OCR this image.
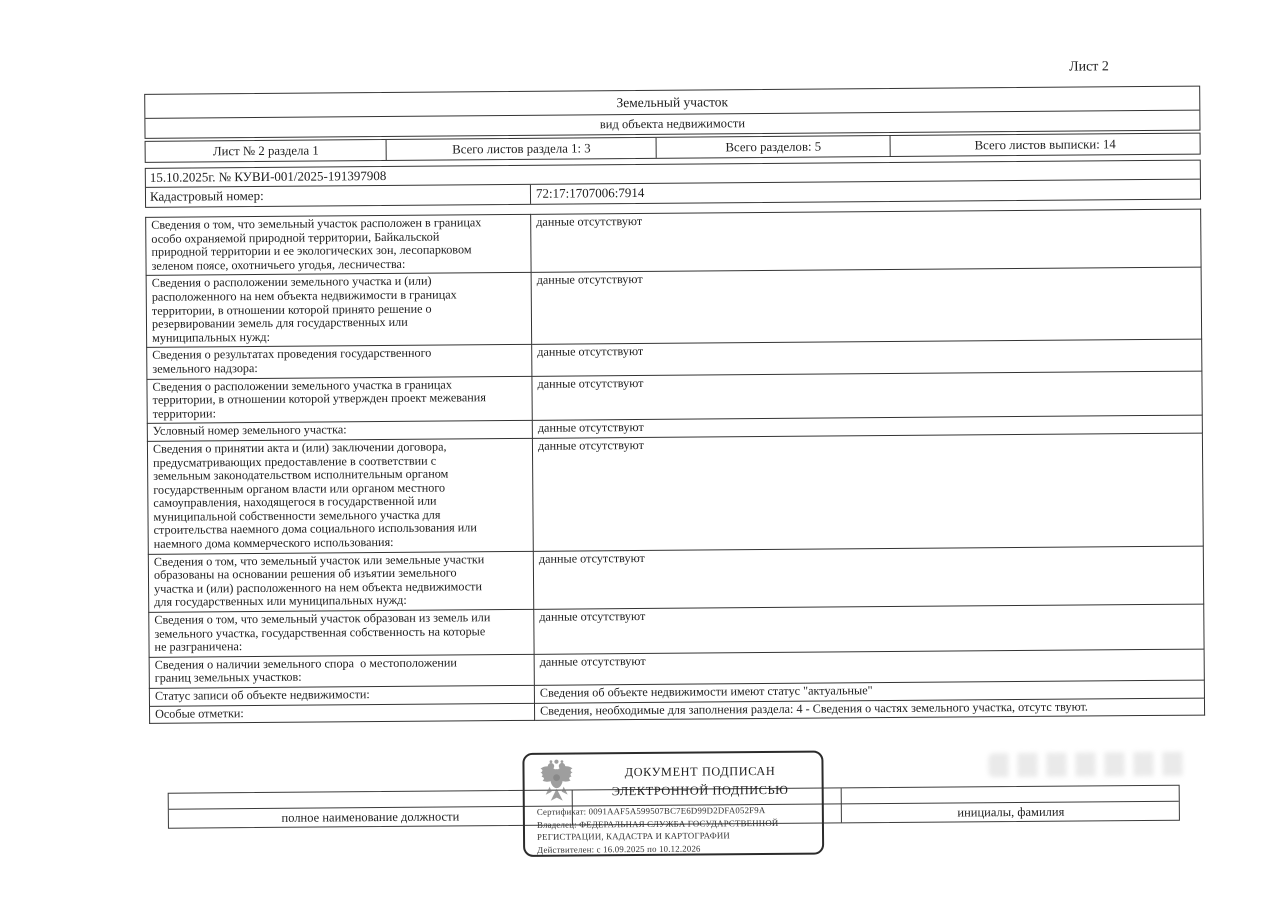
Лист 2
Земельный участок
вид объекта недвижимости
Лист № 2 раздела 1	Всего листов раздела 1: 3	Всего разделов: 5	Всего листов выписки: 14
15.10.2025г. № КУВИ-001/2025-191397908
Кадастровый номер:	72:17:1707006:7914
Сведения о том, что земельный участок расположен в границах
особо охраняемой природной территории, Байкальской
природной территории и ее экологических зон, лесопарковом
зеленом поясе, охотничьего угодья, лесничества:	данные отсутствуют
Сведения о расположении земельного участка и (или)
расположенного на нем объекта недвижимости в границах
территории, в отношении которой принято решение о
резервировании земель для государственных или
муниципальных нужд:	данные отсутствуют
Сведения о результатах проведения государственного
земельного надзора:	данные отсутствуют
Сведения о расположении земельного участка в границах
территории, в отношении которой утвержден проект межевания
территории:	данные отсутствуют
Условный номер земельного участка:	данные отсутствуют
Сведения о принятии акта и (или) заключении договора,
предусматривающих предоставление в соответствии с
земельным законодательством исполнительным органом
государственным органом власти или органом местного
самоуправления, находящегося в государственной или
муниципальной собственности земельного участка для
строительства наемного дома социального использования или
наемного дома коммерческого использования:	данные отсутствуют
Сведения о том, что земельный участок или земельные участки
образованы на основании решения об изъятии земельного
участка и (или) расположенного на нем объекта недвижимости
для государственных или муниципальных нужд:	данные отсутствуют
Сведения о том, что земельный участок образован из земель или
земельного участка, государственная собственность на которые
не разграничена:	данные отсутствуют
Сведения о наличии земельного спора  о местоположении
границ земельных участков:	данные отсутствуют
Статус записи об объекте недвижимости:	Сведения об объекте недвижимости имеют статус "актуальные"
Особые отметки:	Сведения, необходимые для заполнения раздела: 4 - Сведения о частях земельного участка, отсутс твуют.
полное наименование должности	инициалы, фамилия
ДОКУМЕНТ ПОДПИСАН
ЭЛЕКТРОННОЙ ПОДПИСЬЮ
Сертификат: 0091AAF5A599507BC7E6D99D2DFA052F9A
Владелец: ФЕДЕРАЛЬНАЯ СЛУЖБА ГОСУДАРСТВЕННОЙ
РЕГИСТРАЦИИ, КАДАСТРА И КАРТОГРАФИИ
Действителен: с 16.09.2025 по 10.12.2026
